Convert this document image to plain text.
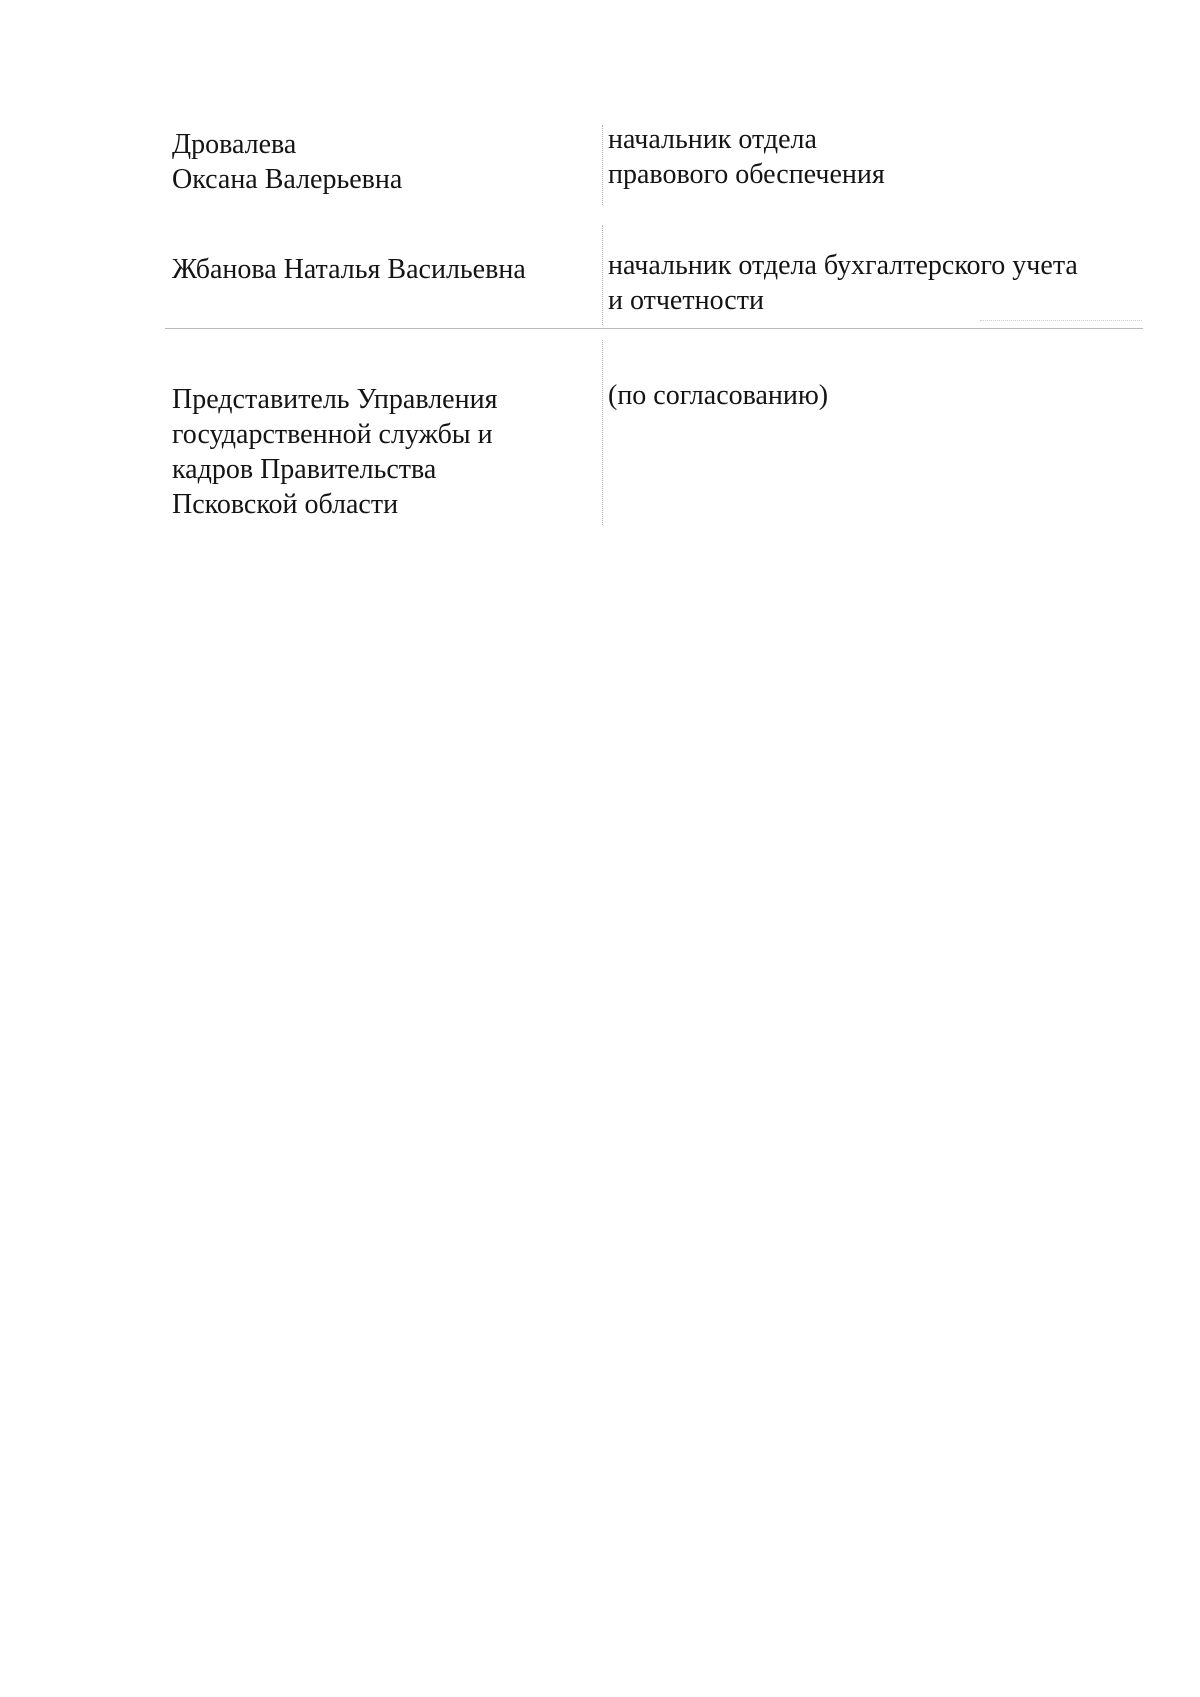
Дровалева
Оксана Валерьевна
начальник отдела
правового обеспечения
Жбанова Наталья Васильевна	начальник отдела бухгалтерского учета
и отчетности
Представитель Управления
государственной службы и
кадров Правительства
Псковской области
(по согласованию)
